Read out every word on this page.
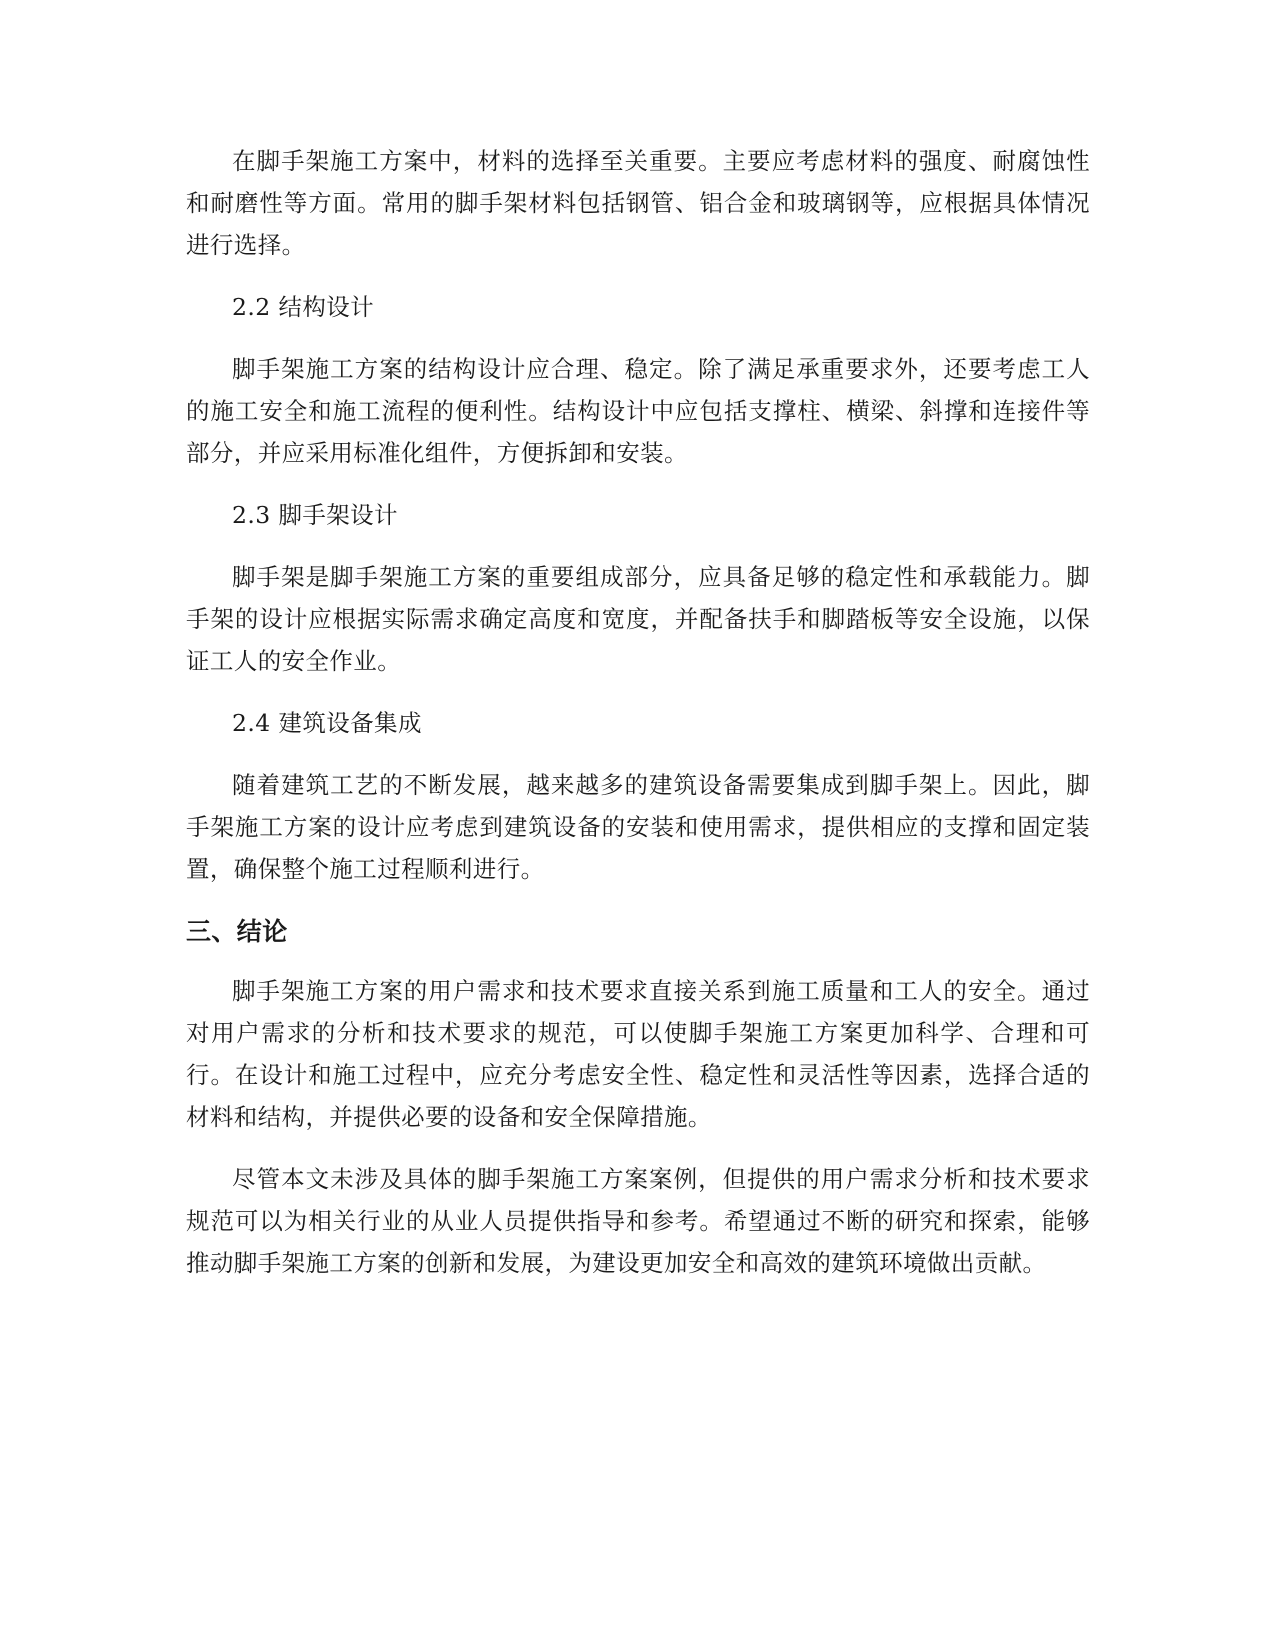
在脚手架施工方案中，材料的选择至关重要。主要应考虑材料的强度、耐腐蚀性和耐磨性等方面。常用的脚手架材料包括钢管、铝合金和玻璃钢等，应根据具体情况进行选择。

2.2 结构设计

脚手架施工方案的结构设计应合理、稳定。除了满足承重要求外，还要考虑工人的施工安全和施工流程的便利性。结构设计中应包括支撑柱、横梁、斜撑和连接件等部分，并应采用标准化组件，方便拆卸和安装。

2.3 脚手架设计

脚手架是脚手架施工方案的重要组成部分，应具备足够的稳定性和承载能力。脚手架的设计应根据实际需求确定高度和宽度，并配备扶手和脚踏板等安全设施，以保证工人的安全作业。

2.4 建筑设备集成

随着建筑工艺的不断发展，越来越多的建筑设备需要集成到脚手架上。因此，脚手架施工方案的设计应考虑到建筑设备的安装和使用需求，提供相应的支撑和固定装置，确保整个施工过程顺利进行。

三、结论

脚手架施工方案的用户需求和技术要求直接关系到施工质量和工人的安全。通过对用户需求的分析和技术要求的规范，可以使脚手架施工方案更加科学、合理和可行。在设计和施工过程中，应充分考虑安全性、稳定性和灵活性等因素，选择合适的材料和结构，并提供必要的设备和安全保障措施。

尽管本文未涉及具体的脚手架施工方案案例，但提供的用户需求分析和技术要求规范可以为相关行业的从业人员提供指导和参考。希望通过不断的研究和探索，能够推动脚手架施工方案的创新和发展，为建设更加安全和高效的建筑环境做出贡献。
